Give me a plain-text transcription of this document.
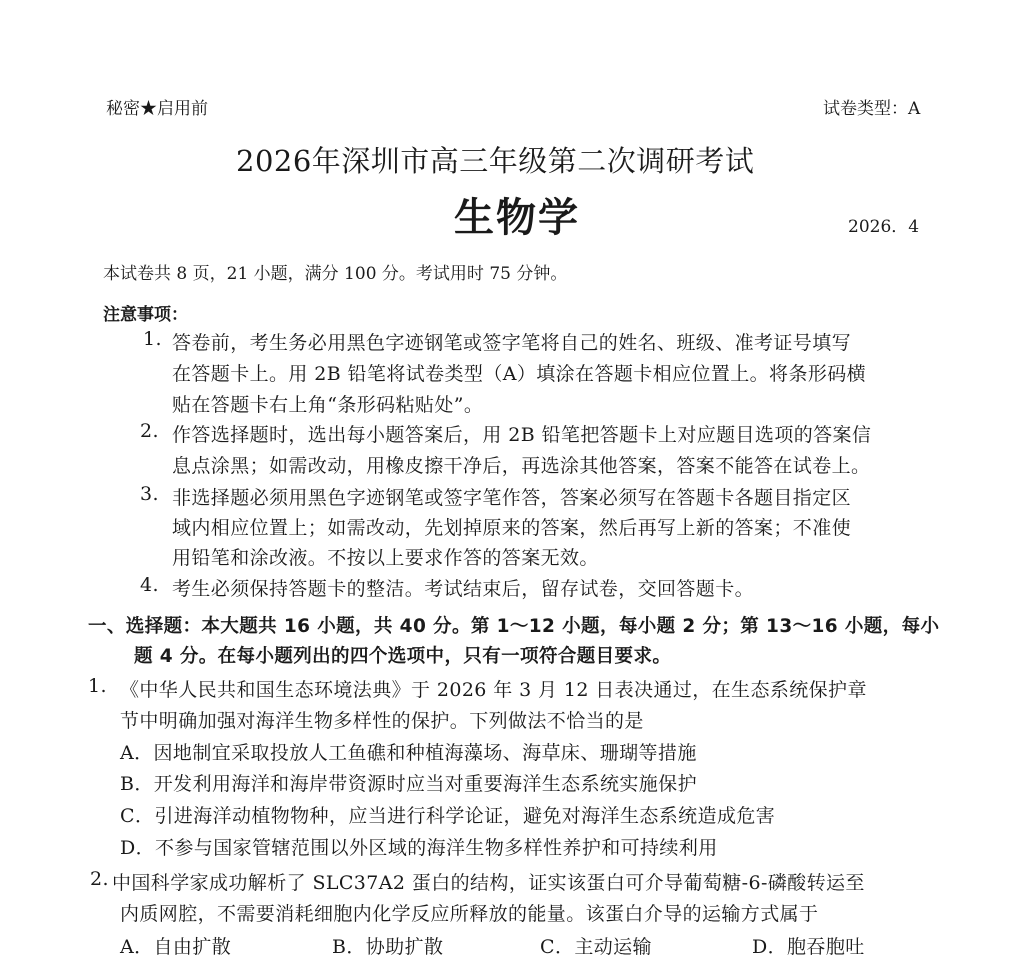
秘密★启用前	试卷类型：A
2026年深圳市高三年级第二次调研考试
生物学	2026．4
本试卷共 8 页，21 小题，满分 100 分。考试用时 75 分钟。
注意事项：
1. 答卷前，考生务必用黑色字迹钢笔或签字笔将自己的姓名、班级、准考证号填写
在答题卡上。用 2B 铅笔将试卷类型（A）填涂在答题卡相应位置上。将条形码横
贴在答题卡右上角“条形码粘贴处”。
2. 作答选择题时，选出每小题答案后，用 2B 铅笔把答题卡上对应题目选项的答案信
息点涂黑；如需改动，用橡皮擦干净后，再选涂其他答案，答案不能答在试卷上。
3. 非选择题必须用黑色字迹钢笔或签字笔作答，答案必须写在答题卡各题目指定区
域内相应位置上；如需改动，先划掉原来的答案，然后再写上新的答案；不准使
用铅笔和涂改液。不按以上要求作答的答案无效。
4. 考生必须保持答题卡的整洁。考试结束后，留存试卷，交回答题卡。
一、选择题：本大题共 16 小题，共 40 分。第 1～12 小题，每小题 2 分；第 13～16 小题，每小
题 4 分。在每小题列出的四个选项中，只有一项符合题目要求。
1. 《中华人民共和国生态环境法典》于 2026 年 3 月 12 日表决通过，在生态系统保护章
节中明确加强对海洋生物多样性的保护。下列做法不恰当的是
A．因地制宜采取投放人工鱼礁和种植海藻场、海草床、珊瑚等措施
B．开发利用海洋和海岸带资源时应当对重要海洋生态系统实施保护
C．引进海洋动植物物种，应当进行科学论证，避免对海洋生态系统造成危害
D．不参与国家管辖范围以外区域的海洋生物多样性养护和可持续利用
2. 中国科学家成功解析了 SLC37A2 蛋白的结构，证实该蛋白可介导葡萄糖-6-磷酸转运至
内质网腔，不需要消耗细胞内化学反应所释放的能量。该蛋白介导的运输方式属于
A．自由扩散	B．协助扩散	C．主动运输	D．胞吞胞吐
